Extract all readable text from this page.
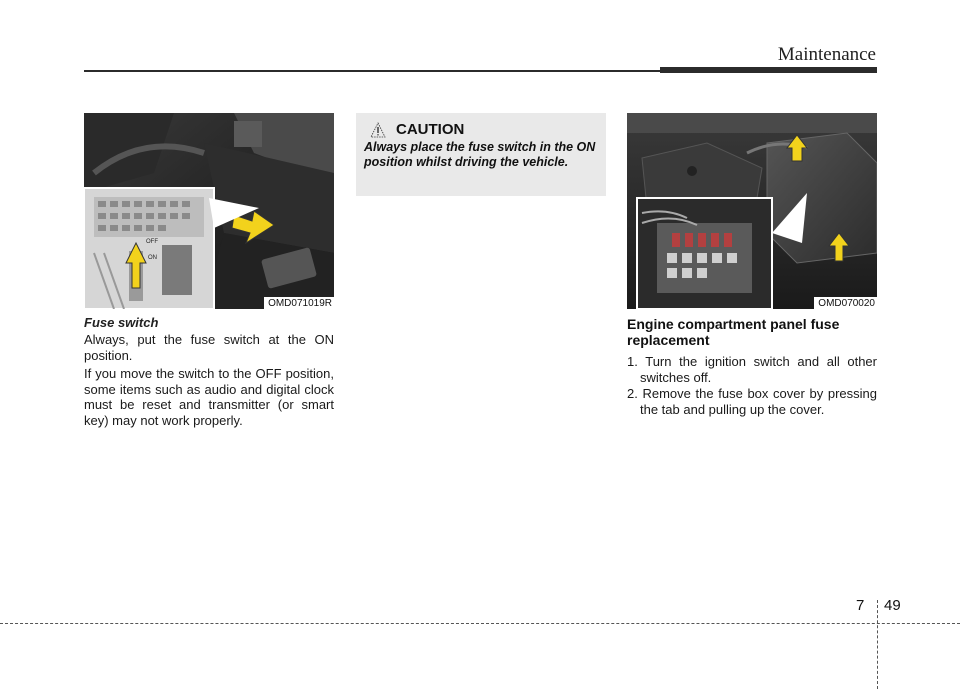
Maintenance
OFF
ON
OMD071019R
Fuse switch

Always, put the fuse switch at the ON position.

If you move the switch to the OFF position, some items such as audio and digital clock must be reset and transmitter (or smart key) may not work properly.

CAUTION

Always place the fuse switch in the ON position whilst driving the vehicle.

OMD070020
Engine compartment panel fuse replacement

1. Turn the ignition switch and all other switches off.

2. Remove the fuse box cover by pressing the tab and pulling up the cover.

7 49
